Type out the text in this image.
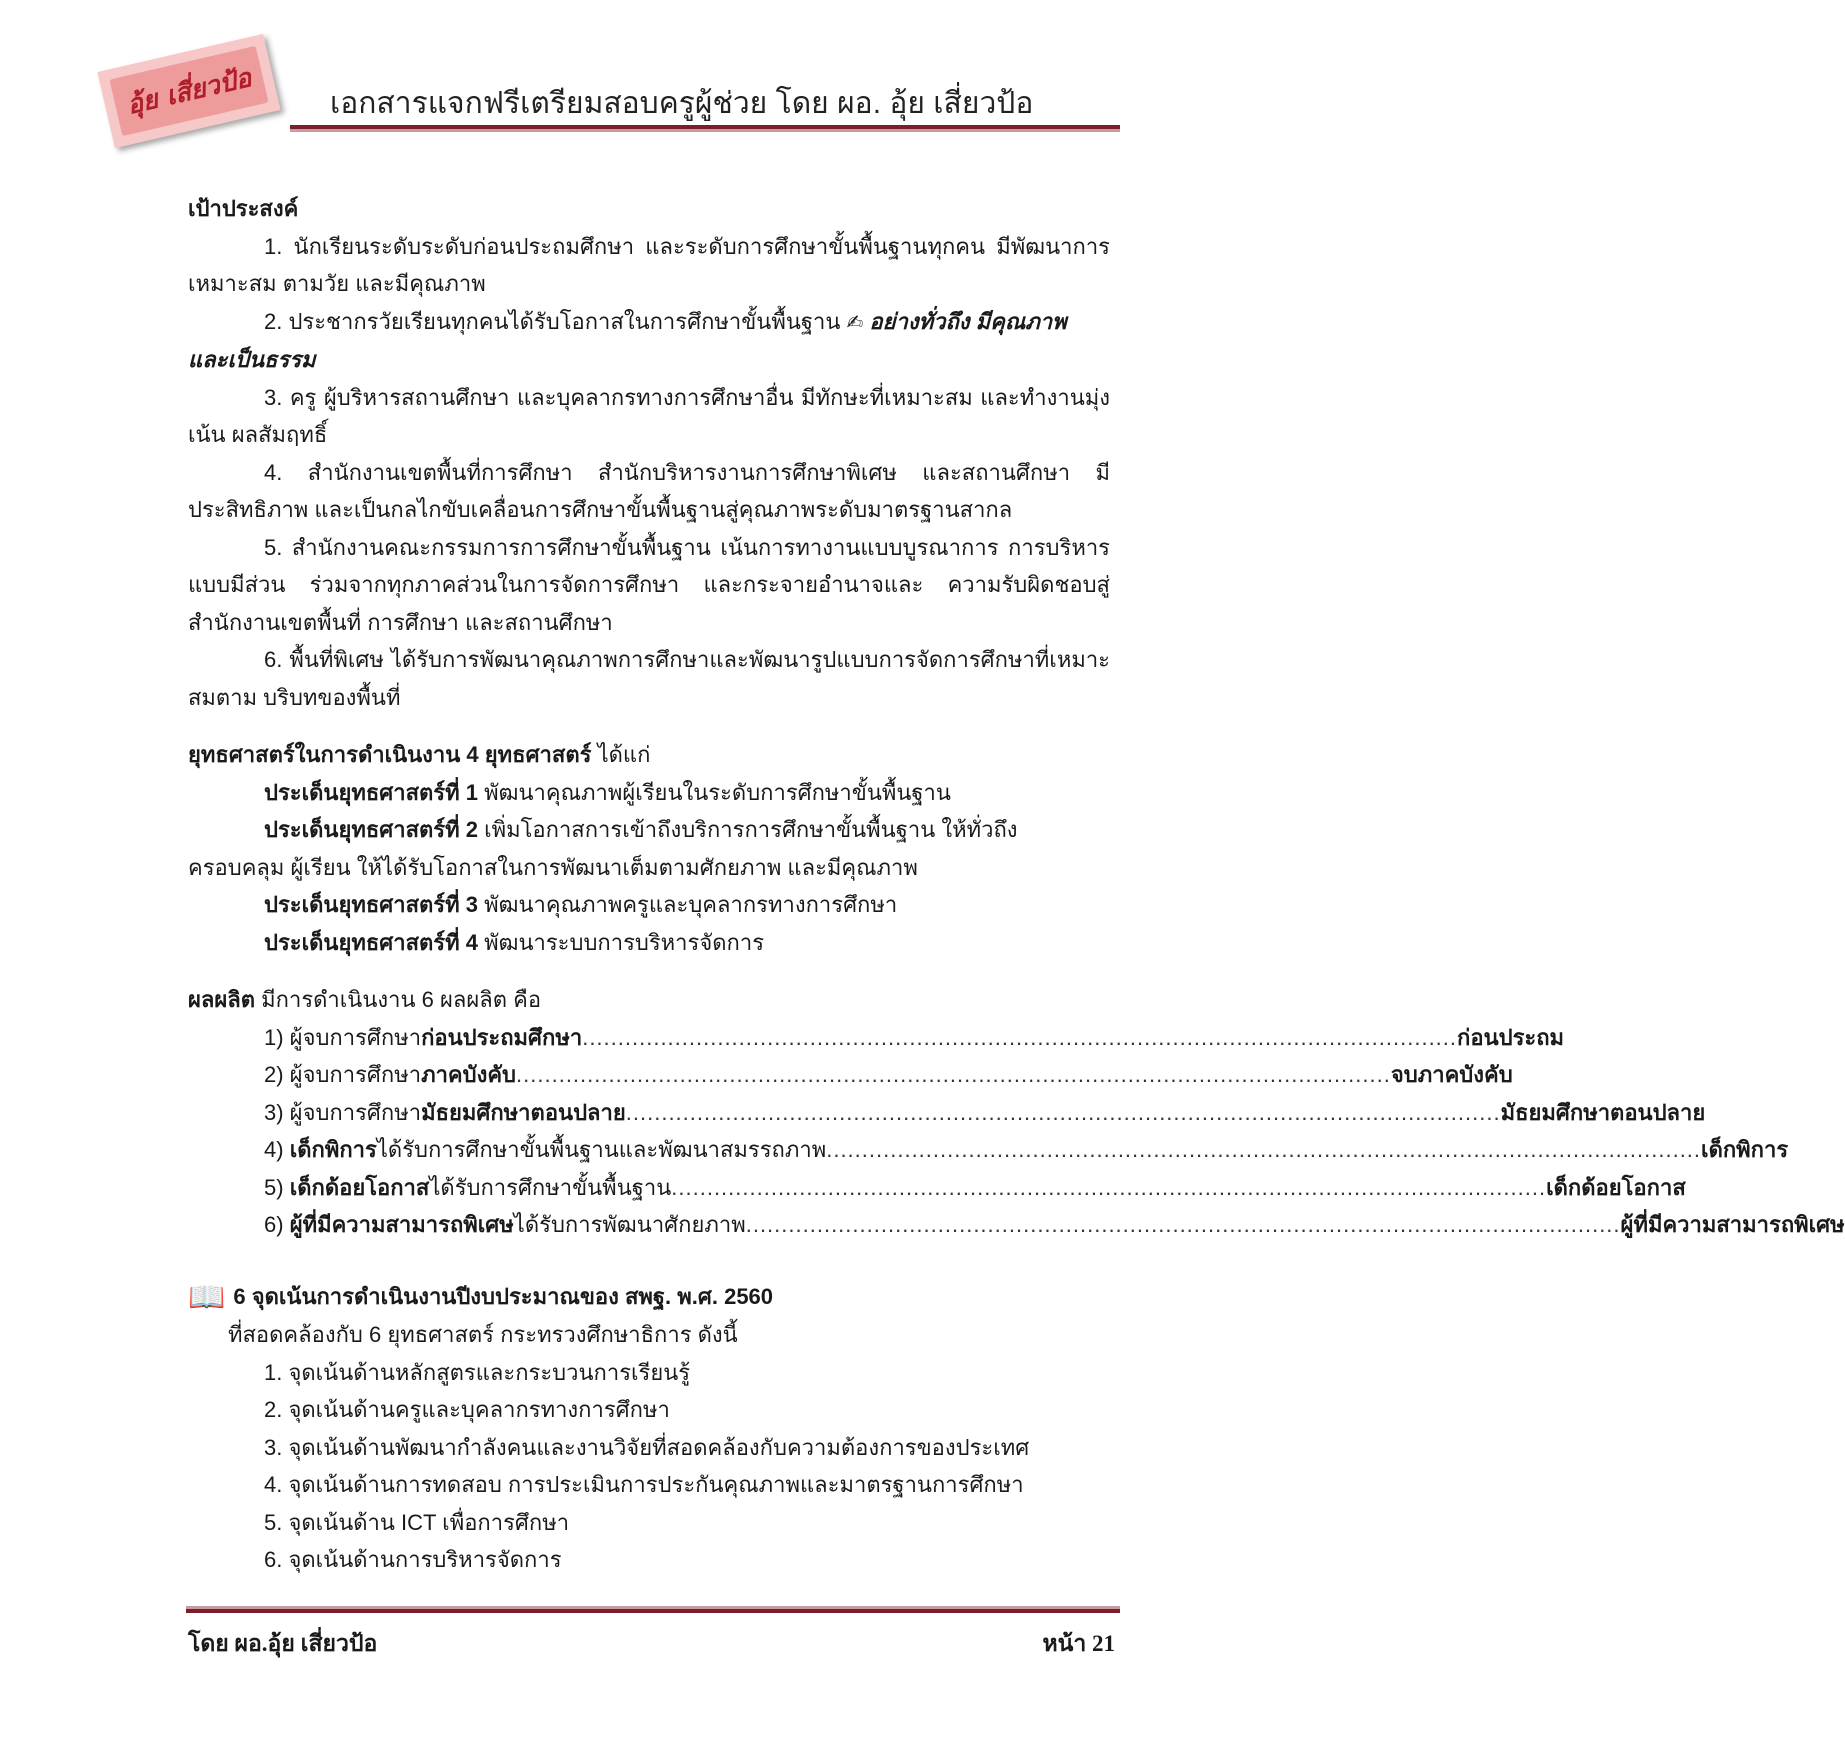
อุ้ย เสี่ยวป้อ	เอกสารแจกฟรีเตรียมสอบครูผู้ช่วย โดย ผอ. อุ้ย เสี่ยวป้อ

เป้าประสงค์

1. นักเรียนระดับระดับก่อนประถมศึกษา และระดับการศึกษาขั้นพื้นฐานทุกคน มีพัฒนาการเหมาะสม ตามวัย และมีคุณภาพ

2. ประชากรวัยเรียนทุกคนได้รับโอกาสในการศึกษาขั้นพื้นฐาน ✍ อย่างทั่วถึง มีคุณภาพ และเป็นธรรม

3. ครู ผู้บริหารสถานศึกษา และบุคลากรทางการศึกษาอื่น มีทักษะที่เหมาะสม และทำงานมุ่งเน้น ผลสัมฤทธิ์

4. สำนักงานเขตพื้นที่การศึกษา สำนักบริหารงานการศึกษาพิเศษ และสถานศึกษา มีประสิทธิภาพ และเป็นกลไกขับเคลื่อนการศึกษาขั้นพื้นฐานสู่คุณภาพระดับมาตรฐานสากล

5. สำนักงานคณะกรรมการการศึกษาขั้นพื้นฐาน เน้นการทางานแบบบูรณาการ การบริหารแบบมีส่วน ร่วมจากทุกภาคส่วนในการจัดการศึกษา และกระจายอำนาจและ ความรับผิดชอบสู่สำนักงานเขตพื้นที่ การศึกษา และสถานศึกษา

6. พื้นที่พิเศษ ได้รับการพัฒนาคุณภาพการศึกษาและพัฒนารูปแบบการจัดการศึกษาที่เหมาะสมตาม บริบทของพื้นที่

ยุทธศาสตร์ในการดำเนินงาน 4 ยุทธศาสตร์ ได้แก่

ประเด็นยุทธศาสตร์ที่ 1 พัฒนาคุณภาพผู้เรียนในระดับการศึกษาขั้นพื้นฐาน

ประเด็นยุทธศาสตร์ที่ 2 เพิ่มโอกาสการเข้าถึงบริการการศึกษาขั้นพื้นฐาน ให้ทั่วถึงครอบคลุม ผู้เรียน ให้ได้รับโอกาสในการพัฒนาเต็มตามศักยภาพ และมีคุณภาพ

ประเด็นยุทธศาสตร์ที่ 3 พัฒนาคุณภาพครูและบุคลากรทางการศึกษา

ประเด็นยุทธศาสตร์ที่ 4 พัฒนาระบบการบริหารจัดการ

ผลผลิต มีการดำเนินงาน 6 ผลผลิต คือ

1) ผู้จบการศึกษาก่อนประถมศึกษา ........................................................................................................................... ก่อนประถม
2) ผู้จบการศึกษาภาคบังคับ ........................................................................................................................... จบภาคบังคับ
3) ผู้จบการศึกษามัธยมศึกษาตอนปลาย ........................................................................................................................... มัธยมศึกษาตอนปลาย
4) เด็กพิการได้รับการศึกษาขั้นพื้นฐานและพัฒนาสมรรถภาพ ........................................................................................................................... เด็กพิการ
5) เด็กด้อยโอกาสได้รับการศึกษาขั้นพื้นฐาน ........................................................................................................................... เด็กด้อยโอกาส
6) ผู้ที่มีความสามารถพิเศษได้รับการพัฒนาศักยภาพ ........................................................................................................................... ผู้ที่มีความสามารถพิเศษ

📖 6 จุดเน้นการดำเนินงานปีงบประมาณของ สพฐ. พ.ศ. 2560

ที่สอดคล้องกับ 6 ยุทธศาสตร์ กระทรวงศึกษาธิการ ดังนี้

1. จุดเน้นด้านหลักสูตรและกระบวนการเรียนรู้

2. จุดเน้นด้านครูและบุคลากรทางการศึกษา

3. จุดเน้นด้านพัฒนากำลังคนและงานวิจัยที่สอดคล้องกับความต้องการของประเทศ

4. จุดเน้นด้านการทดสอบ การประเมินการประกันคุณภาพและมาตรฐานการศึกษา

5. จุดเน้นด้าน ICT เพื่อการศึกษา

6. จุดเน้นด้านการบริหารจัดการ

โดย ผอ.อุ้ย เสี่ยวป้อ	หน้า 21
